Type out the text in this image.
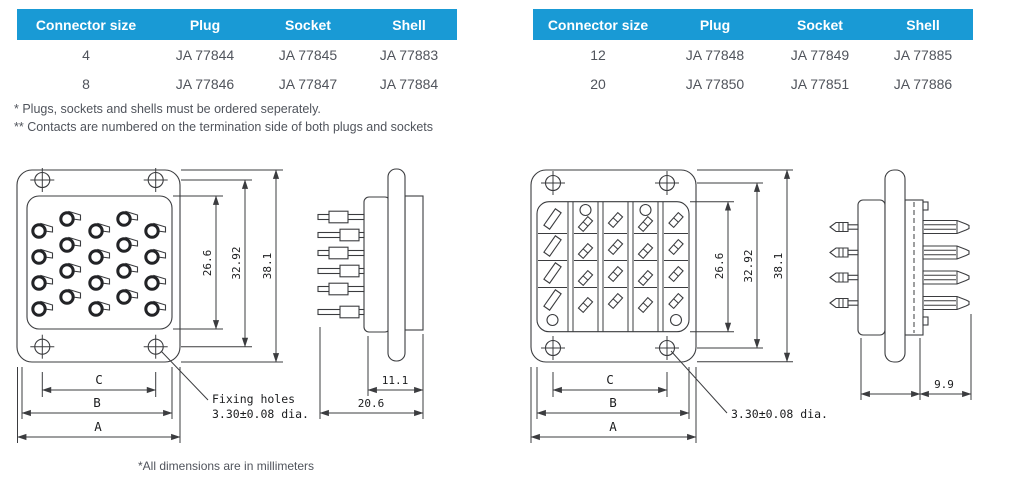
Connector size	Plug	Socket	Shell
4	JA 77844	JA 77845	JA 77883
8	JA 77846	JA 77847	JA 77884
Connector size	Plug	Socket	Shell
12	JA 77848	JA 77849	JA 77885
20	JA 77850	JA 77851	JA 77886
* Plugs, sockets and shells must be ordered seperately.
** Contacts are numbered on the termination side of both plugs and sockets
26.6 32.92 38.1
C
B
A
Fixing holes
3.30±0.08 dia.
11.1
20.6
26.6 32.92 38.1
C
B
A
3.30±0.08 dia.
9.9
*All dimensions are in millimeters
